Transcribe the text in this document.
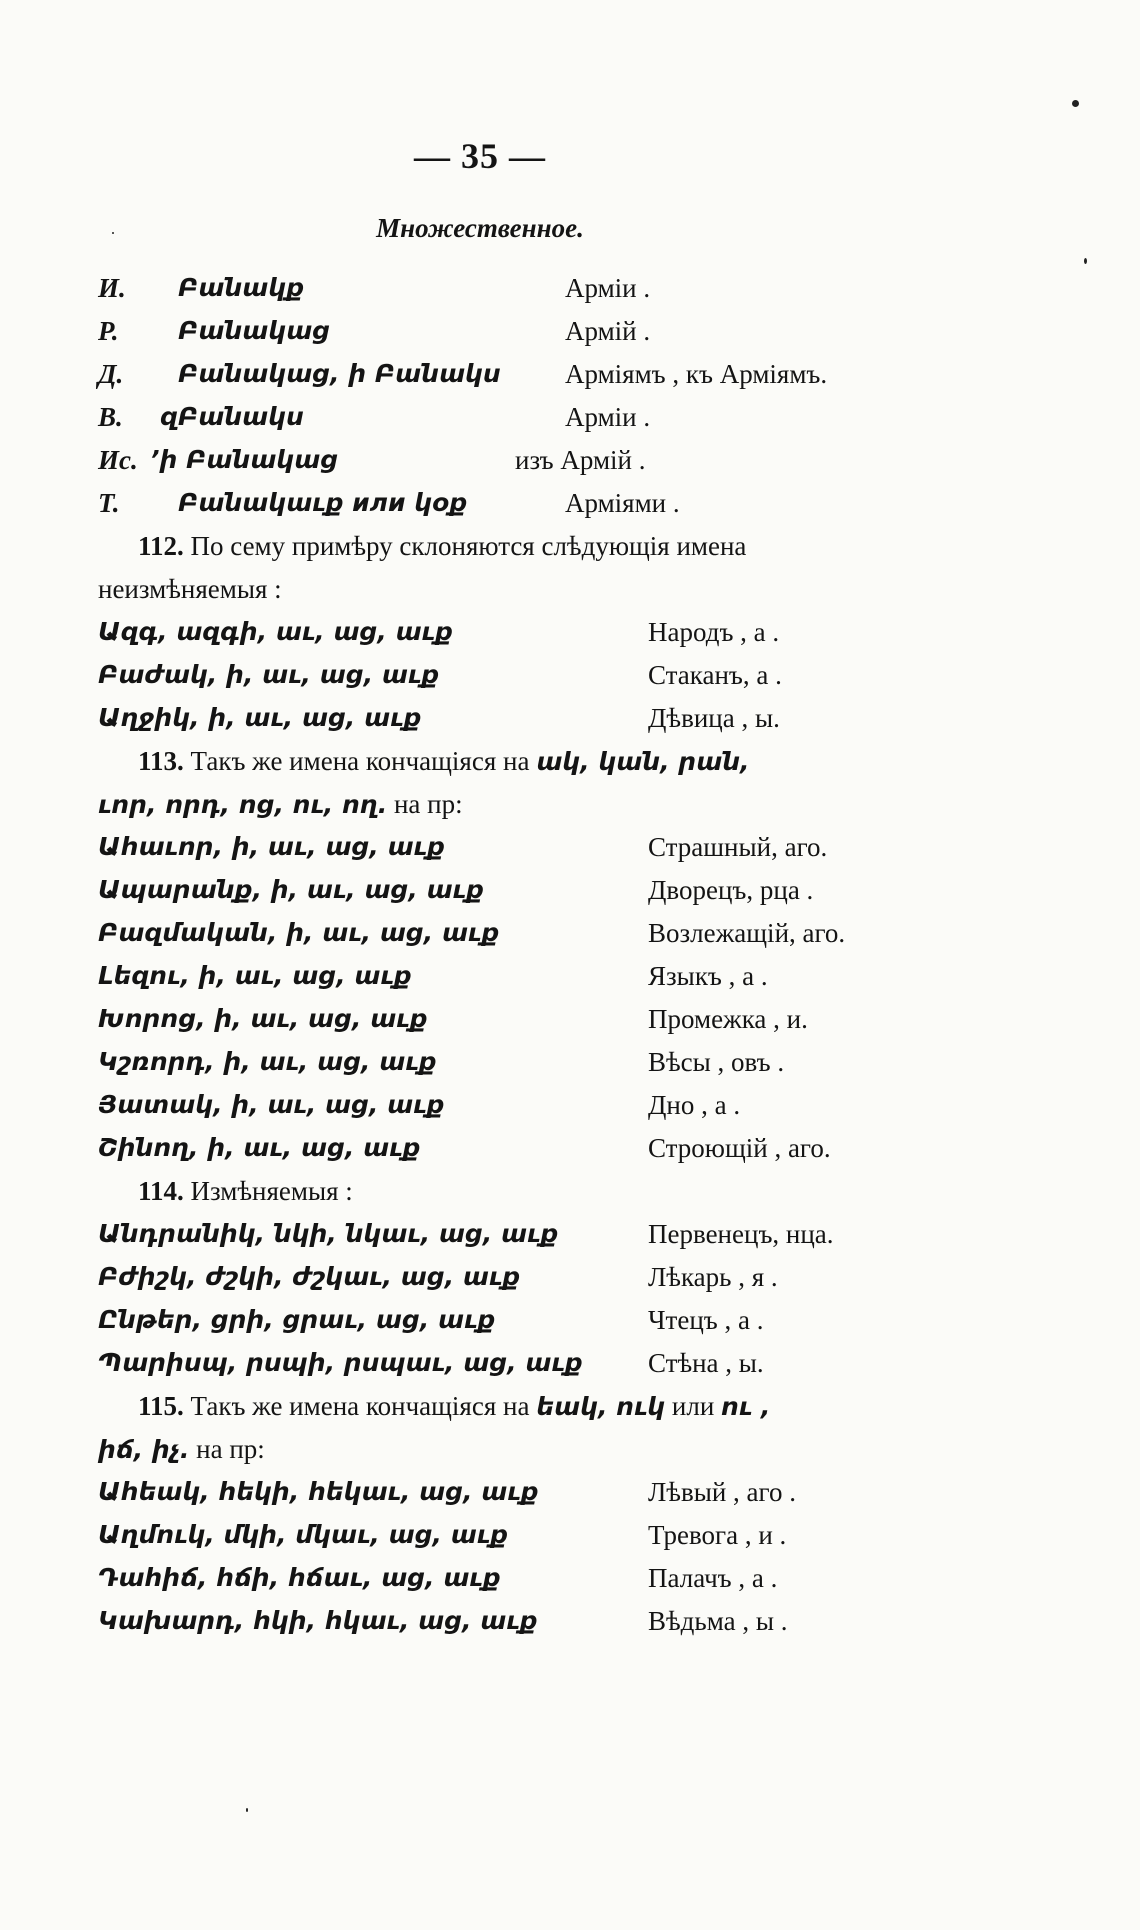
— 35 —
Множественное.
И. Բանակք	Арміи .
Р. Բանակաց	Армій .
Д. Բանակաց, ի Բանակս Арміямъ , къ Арміямъ.
В. զԲանակս	Арміи .
Ис. ’ի Բանակաց	изъ Армій .
Т. Բանակաւք или կօք	Арміями .
112. По сему примѣру склоняются слѣдующія имена
неизмѣняемыя :
Ազգ, ազգի, աւ, աց, աւք	Народъ , а .
Բաժակ, ի, աւ, աց, աւք	Стаканъ, а .
Աղջիկ, ի, աւ, աց, աւք	Дѣвица , ы.
113. Такъ же имена кончащіяся на ակ, կան, րան,
ւոր, որդ, ոց, ու, ող. на пр:
Ահաւոր, ի, աւ, աց, աւք	Страшный, аго.
Ապարանք, ի, աւ, աց, աւք	Дворецъ, рца .
Բազմական, ի, աւ, աց, աւք	Возлежащій, аго.
Լեզու, ի, աւ, աց, աւք	Языкъ , а .
Խորոց, ի, աւ, աց, աւք	Промежка , и.
Կշռորդ, ի, աւ, աց, աւք	Вѣсы , овъ .
Յատակ, ի, աւ, աց, աւք	Дно , а .
Շինող, ի, աւ, աց, աւք	Строющій , аго.
114. Измѣняемыя :
Անդրանիկ, նկի, նկաւ, աց, աւք	Первенецъ, нца.
Բժիշկ, ժշկի, ժշկաւ, աց, աւք	Лѣкарь , я .
Ընթեր, ցրի, ցրաւ, աց, աւք	Чтецъ , а .
Պարիսպ, րսպի, րսպաւ, աց, աւք Стѣна , ы.
115. Такъ же имена кончащіяся на եակ, ուկ или ու ,
իճ, իչ. на пр:
Ահեակ, հեկի, հեկաւ, աց, աւք	Лѣвый , аго .
Աղմուկ, մկի, մկաւ, աց, աւք	Тревога , и .
Դահիճ, հճի, հճաւ, աց, աւք	Палачъ , а .
Կախարդ, հկի, հկաւ, աց, աւք	Вѣдьма , ы .
